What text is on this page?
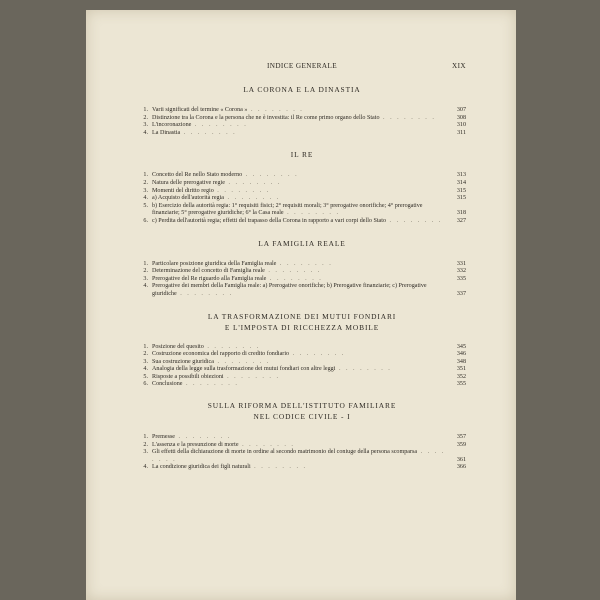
INDICE GENERALE	XIX
LA CORONA E LA DINASTIA
1. Varii significati del termine « Corona » . . . . . . . .	307
2. Distinzione tra la Corona e la persona che ne è investita: il Re come primo organo dello Stato . . . . . . . .	308
3. L'incoronazione . . . . . . . .	310
4. La Dinastia . . . . . . . .	311
IL RE
1. Concetto del Re nello Stato moderno . . . . . . . .	313
2. Natura delle prerogative regie . . . . . . . .	314
3. Momenti del diritto regio . . . . . . . .	315
4. a) Acquisto dell'autorità regia . . . . . . . .	315
5. b) Esercizio della autorità regia: 1° requisiti fisici; 2° requisiti morali; 3° prerogative onorifiche; 4° prerogative finanziarie; 5° prerogative giuridiche; 6° la Casa reale . . . . . . . .	318
6. c) Perdita dell'autorità regia; effetti del trapasso della Corona in rapporto a vari corpi dello Stato . . . . . . . . 327
LA FAMIGLIA REALE
1. Particolare posizione giuridica della Famiglia reale . . . . . . . .	331
2. Determinazione del concetto di Famiglia reale . . . . . . . .	332
3. Prerogative del Re riguardo alla Famiglia reale . . . . . . . .	335
4. Prerogative dei membri della Famiglia reale: a) Prerogative onorifiche; b) Prerogative finanziarie; c) Prerogative giuridiche . . . . . . . .	337
LA TRASFORMAZIONE DEI MUTUI FONDIARI
E L'IMPOSTA DI RICCHEZZA MOBILE
1. Posizione del quesito . . . . . . . .	345
2. Costruzione economica del rapporto di credito fondiario . . . . . . . .	346
3. Sua costruzione giuridica . . . . . . . .	348
4. Analogia della legge sulla trasformazione dei mutui fondiari con altre leggi . . . . . . . .	351
5. Risposte a possibili obiezioni . . . . . . . .	352
6. Conclusione . . . . . . . .	355
SULLA RIFORMA DELL'ISTITUTO FAMILIARE
NEL CODICE CIVILE - I
1. Premesse . . . . . . . .	357
2. L'assenza e la presunzione di morte . . . . . . . .	359
3. Gli effetti della dichiarazione di morte in ordine al secondo matrimonio del coniuge della persona scomparsa . . . . . . . .	361
4. La condizione giuridica dei figli naturali . . . . . . . .	366
